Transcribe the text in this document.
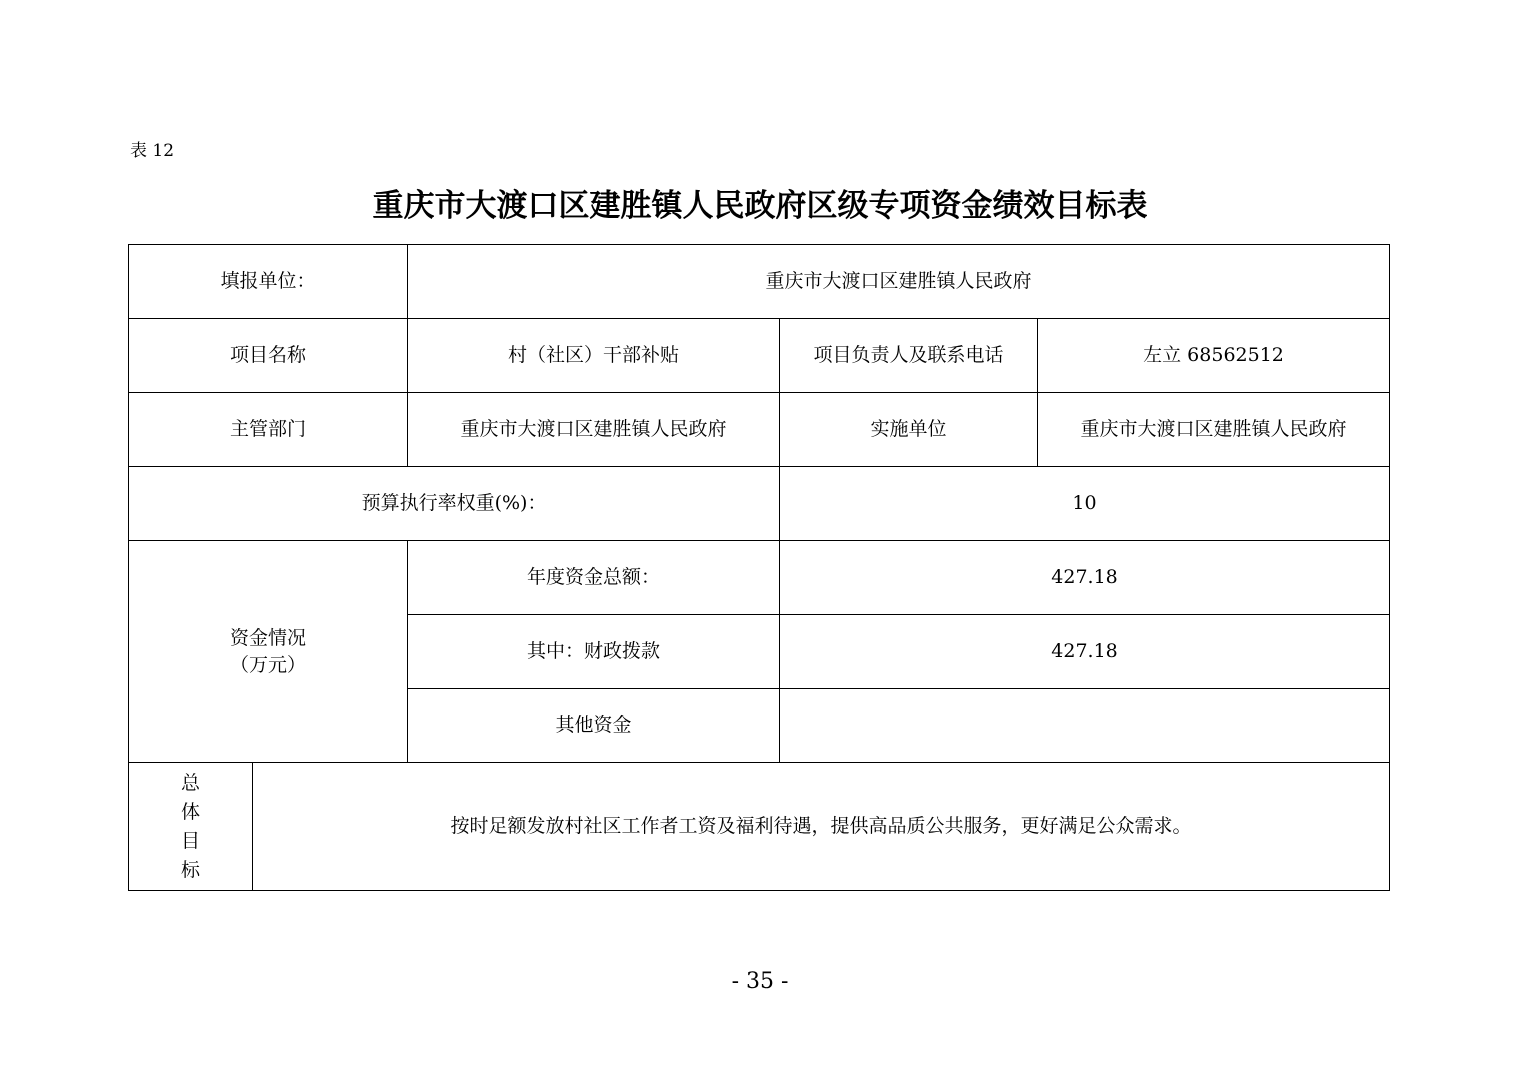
表 12
重庆市大渡口区建胜镇人民政府区级专项资金绩效目标表
填报单位：		重庆市大渡口区建胜镇人民政府		
项目名称		村（社区）干部补贴	项目负责人及联系电话	左立 68562512
主管部门		重庆市大渡口区建胜镇人民政府	实施单位	重庆市大渡口区建胜镇人民政府
预算执行率权重(%)：			10	

资金情况
（万元）		年度资金总额：	427.18	
		其中：财政拨款	427.18	
		其他资金		
总体目标	按时足额发放村社区工作者工资及福利待遇，提供高品质公共服务，更好满足公众需求。			
- 35 -
